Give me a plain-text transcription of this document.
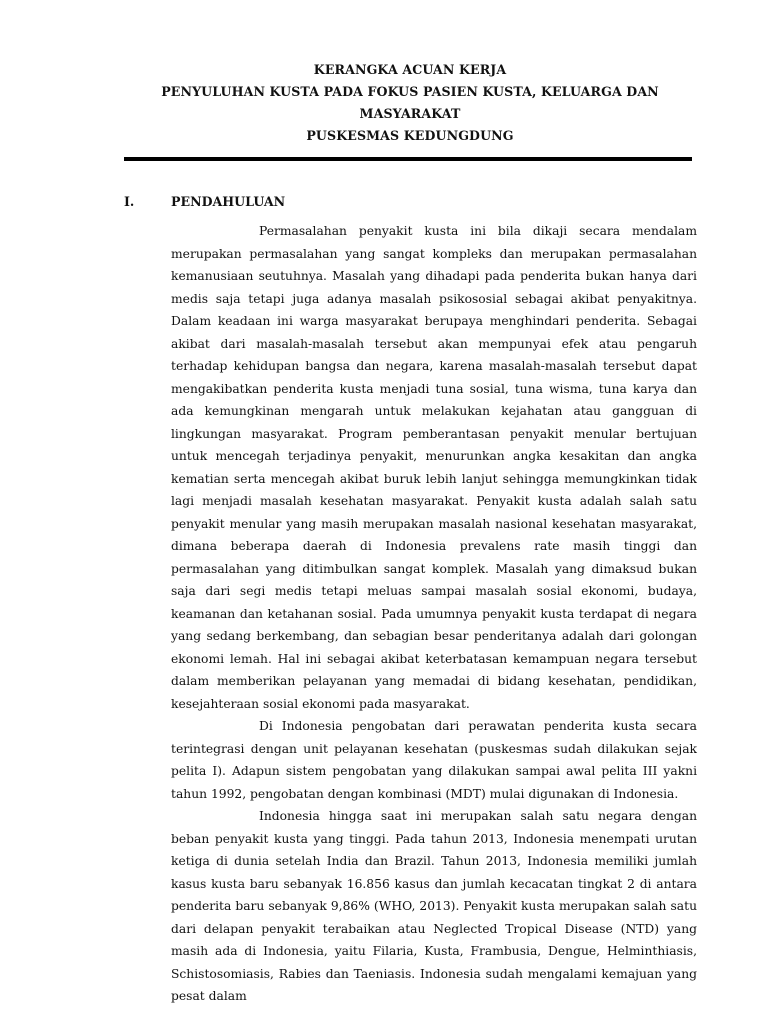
KERANGKA ACUAN KERJA
PENYULUHAN KUSTA PADA FOKUS PASIEN KUSTA, KELUARGA DAN
MASYARAKAT
PUSKESMAS KEDUNGDUNG
I.	PENDAHULUAN

Permasalahan penyakit kusta ini bila dikaji secara mendalam merupakan permasalahan yang sangat kompleks dan merupakan permasalahan kemanusiaan seutuhnya. Masalah yang dihadapi pada penderita bukan hanya dari medis saja tetapi juga adanya masalah psikososial sebagai akibat penyakitnya. Dalam keadaan ini warga masyarakat berupaya menghindari penderita. Sebagai akibat dari masalah-masalah tersebut akan mempunyai efek atau pengaruh terhadap kehidupan bangsa dan negara, karena masalah-masalah tersebut dapat mengakibatkan penderita kusta menjadi tuna sosial, tuna wisma, tuna karya dan ada kemungkinan mengarah untuk melakukan kejahatan atau gangguan di lingkungan masyarakat. Program pemberantasan penyakit menular bertujuan untuk mencegah terjadinya penyakit, menurunkan angka kesakitan dan angka kematian serta mencegah akibat buruk lebih lanjut sehingga memungkinkan tidak lagi menjadi masalah kesehatan masyarakat. Penyakit kusta adalah salah satu penyakit menular yang masih merupakan masalah nasional kesehatan masyarakat, dimana beberapa daerah di Indonesia prevalens rate masih tinggi dan permasalahan yang ditimbulkan sangat komplek. Masalah yang dimaksud bukan saja dari segi medis tetapi meluas sampai masalah sosial ekonomi, budaya, keamanan dan ketahanan sosial. Pada umumnya penyakit kusta terdapat di negara yang sedang berkembang, dan sebagian besar penderitanya adalah dari golongan ekonomi lemah. Hal ini sebagai akibat keterbatasan kemampuan negara tersebut dalam memberikan pelayanan yang memadai di bidang kesehatan, pendidikan, kesejahteraan sosial ekonomi pada masyarakat.

Di Indonesia pengobatan dari perawatan penderita kusta secara terintegrasi dengan unit pelayanan kesehatan (puskesmas sudah dilakukan sejak pelita I). Adapun sistem pengobatan yang dilakukan sampai awal pelita III yakni tahun 1992, pengobatan dengan kombinasi (MDT) mulai digunakan di Indonesia.

Indonesia hingga saat ini merupakan salah satu negara dengan beban penyakit kusta yang tinggi. Pada tahun 2013, Indonesia menempati urutan ketiga di dunia setelah India dan Brazil. Tahun 2013, Indonesia memiliki jumlah kasus kusta baru sebanyak 16.856 kasus dan jumlah kecacatan tingkat 2 di antara penderita baru sebanyak 9,86% (WHO, 2013). Penyakit kusta merupakan salah satu dari delapan penyakit terabaikan atau Neglected Tropical Disease (NTD) yang masih ada di Indonesia, yaitu Filaria, Kusta, Frambusia, Dengue, Helminthiasis, Schistosomiasis, Rabies dan Taeniasis. Indonesia sudah mengalami kemajuan yang pesat dalam
